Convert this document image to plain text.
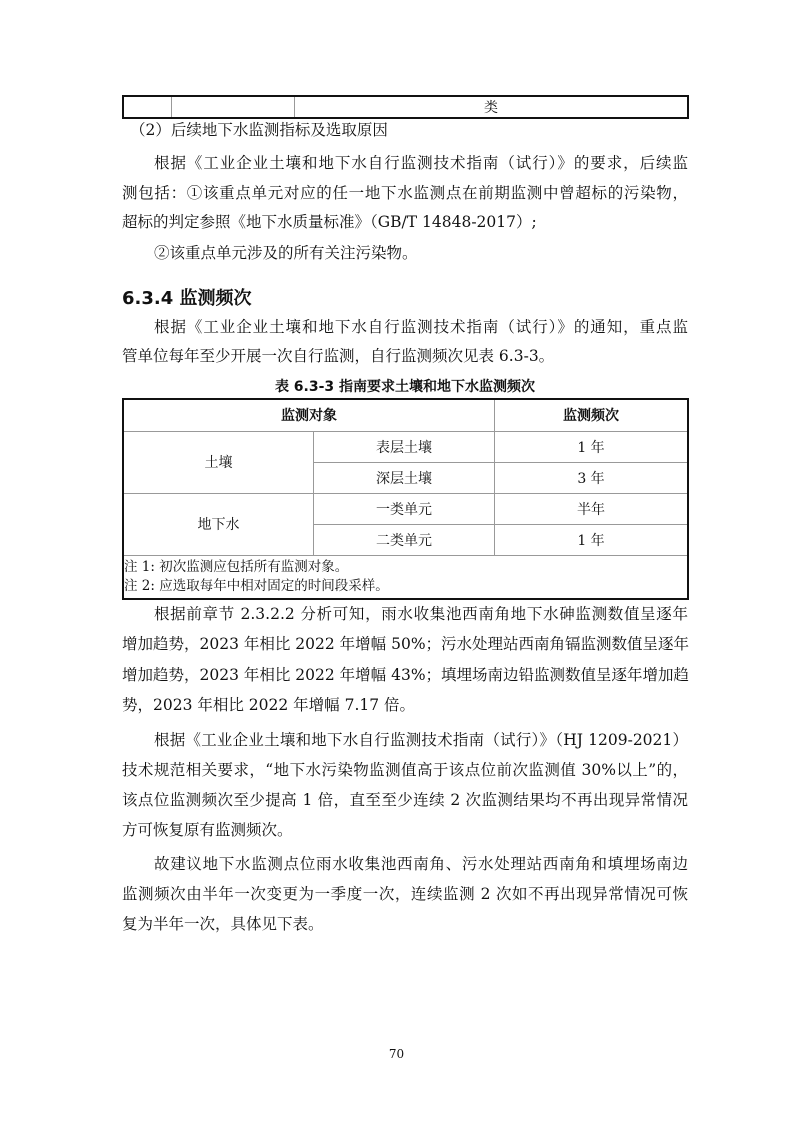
		类
（2）后续地下水监测指标及选取原因
根据《工业企业土壤和地下水自行监测技术指南（试行）》的要求，后续监
测包括：①该重点单元对应的任一地下水监测点在前期监测中曾超标的污染物，
超标的判定参照《地下水质量标准》（GB/T 14848-2017）;
②该重点单元涉及的所有关注污染物。
6.3.4 监测频次
根据《工业企业土壤和地下水自行监测技术指南（试行）》的通知，重点监
管单位每年至少开展一次自行监测，自行监测频次见表 6.3-3。
表 6.3-3 指南要求土壤和地下水监测频次
监测对象		监测频次
土壤	表层土壤	1 年
	深层土壤	3 年
地下水	一类单元	半年
	二类单元	1 年

注 1: 初次监测应包括所有监测对象。
注 2: 应选取每年中相对固定的时间段采样。		
根据前章节 2.3.2.2 分析可知，雨水收集池西南角地下水砷监测数值呈逐年
增加趋势，2023 年相比 2022 年增幅 50%；污水处理站西南角镉监测数值呈逐年
增加趋势，2023 年相比 2022 年增幅 43%；填埋场南边铅监测数值呈逐年增加趋
势，2023 年相比 2022 年增幅 7.17 倍。
根据《工业企业土壤和地下水自行监测技术指南（试行）》（HJ 1209-2021）
技术规范相关要求，“地下水污染物监测值高于该点位前次监测值 30%以上”的，
该点位监测频次至少提高 1 倍，直至至少连续 2 次监测结果均不再出现异常情况
方可恢复原有监测频次。
故建议地下水监测点位雨水收集池西南角、污水处理站西南角和填埋场南边
监测频次由半年一次变更为一季度一次，连续监测 2 次如不再出现异常情况可恢
复为半年一次，具体见下表。
70
